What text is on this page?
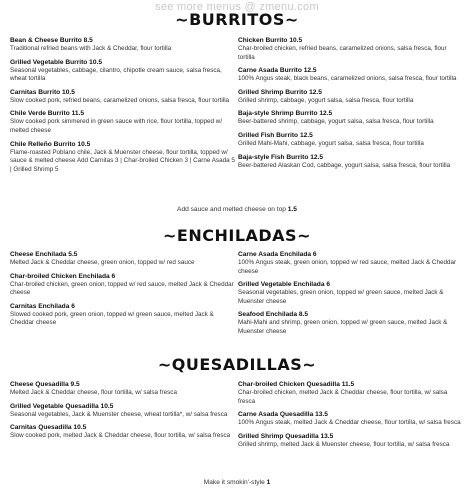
see more menus @ zmenu.com
~BURRITOS~
Bean & Cheese Burrito 8.5
Traditional refried beans with Jack & Cheddar, flour tortilla
Grilled Vegetable Burrito 10.5
Seasonal vegetables, cabbage, cilantro, chipotle cream sauce, salsa fresca, wheat tortilla
Carnitas Burrito 10.5
Slow cooked pork, refried beans, caramelized onions, salsa fresca, flour tortilla
Chile Verde Burrito 11.5
Slow cooked pork simmered in green sauce with rice, flour tortilla, topped w/ melted cheese
Chile Relleño Burrito 10.5
Flame-roasted Poblano chile, Jack & Muenster cheese, flour tortilla, topped w/ sauce & melted cheese Add Carnitas 3 | Char-broiled Chicken 3 | Carne Asada 5 | Grilled Shrimp 5
Chicken Burrito 10.5
Char-broiled chicken, refried beans, caramelized onions, salsa fresca, flour tortilla
Carne Asada Burrito 12.5
100% Angus steak, black beans, caramelized onions, salsa fresca, flour tortilla
Grilled Shrimp Burrito 12.5
Grilled shrimp, cabbage, yogurt salsa, salsa fresca, flour tortilla
Baja-style Shrimp Burrito 12.5
Beer-battered shrimp, cabbage, yogurt salsa, salsa fresca, flour tortilla
Grilled Fish Burrito 12.5
Grilled Mahi-Mahi, cabbage, yogurt salsa, salsa fresca, flour tortilla
Baja-style Fish Burrito 12.5
Beer-battered Alaskan Cod, cabbage, yogurt salsa, salsa fresca, flour tortilla
Add sauce and melted cheese on top 1.5
~ENCHILADAS~
Cheese Enchilada 5.5
Melted Jack & Cheddar cheese, green onion, topped w/ red sauce
Char-broiled Chicken Enchilada 6
Char-broiled chicken, green onion, topped w/ red sauce, melted Jack & Cheddar cheese
Carnitas Enchilada 6
Slowed cooked pork, green onion, topped w/ green sauce, melted Jack & Cheddar cheese
Carne Asada Enchilada 6
100% Angus steak, green onion, topped w/ red sauce, melted Jack & Cheddar cheese
Grilled Vegetable Enchilada 6
Seasonal vegetables, green onion, topped w/ green sauce, melted Jack & Muenster cheese
Seafood Enchilada 8.5
Mahi-Mahi and shrimp, green onion, topped w/ green sauce, melted Jack & Muenster cheese
~QUESADILLAS~
Cheese Quesadilla 9.5
Melted Jack & Cheddar cheese, flour tortilla, w/ salsa fresca
Grilled Vegetable Quesadilla 10.5
Seasonal vegetables, Jack & Muenster cheese, wheat tortilla*, w/ salsa fresca
Carnitas Quesadilla 10.5
Slow cooked pork, melted Jack & Cheddar cheese, flour tortilla, w/ salsa fresca
Char-broiled Chicken Quesadilla 11.5
Char-broiled chicken, melted Jack & Cheddar cheese, flour tortilla, w/ salsa fresca
Carne Asada Quesadilla 13.5
100% Angus steak, melted Jack & Cheddar cheese, flour tortilla, w/ salsa fresca
Grilled Shrimp Quesadilla 13.5
Grilled shrimp, melted Jack & Muenster cheese, flour tortilla, w/ salsa fresca
Make it smokin'-style 1
